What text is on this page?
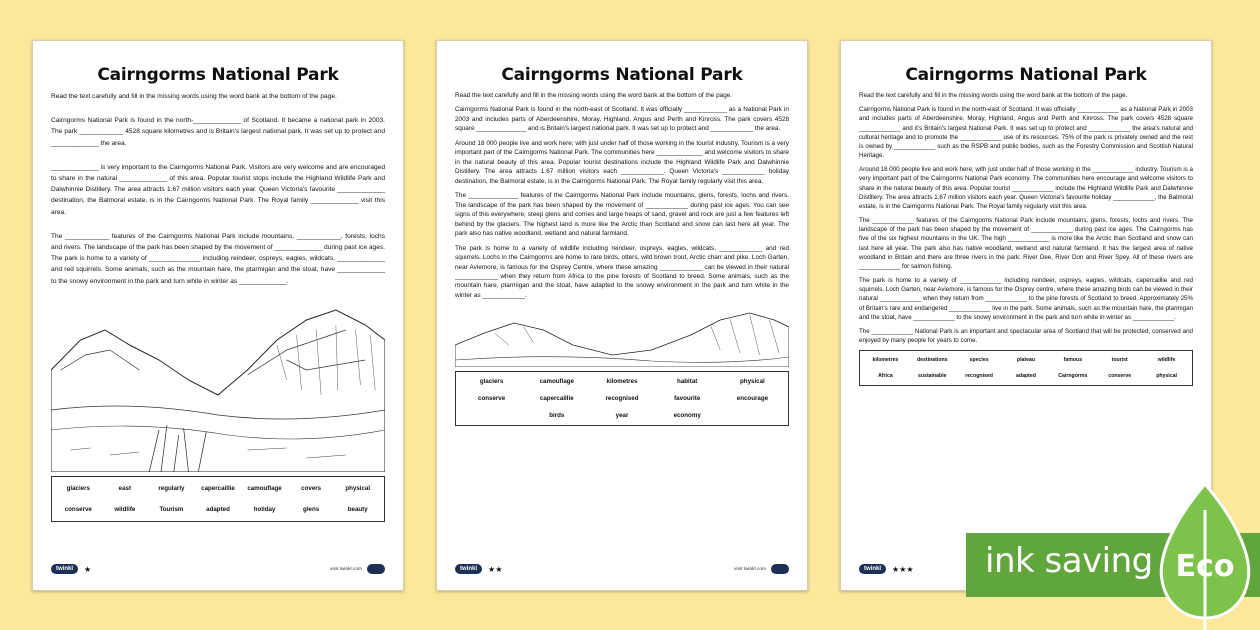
Cairngorms National Park

Read the text carefully and fill in the missing words using the word bank at the bottom of the page.

Cairngorms National Park is found in the north-_____________ of Scotland. It became a national park in 2003. The park ____________ 4528 square kilometres and is Britain's largest national park. It was set up to protect and _____________ the area.

_____________ is very important to the Cairngorms National Park. Visitors are very welcome and are encouraged to share in the natural _____________ of this area. Popular tourist stops include the Highland Wildlife Park and Dalwhinnie Distillery. The area attracts 1.67 million visitors each year. Queen Victoria's favourite _____________ destination, the Balmoral estate, is in the Cairngorms National Park. The Royal family _____________ visit this area.

The ____________ features of the Cairngorms National Park include mountains, ____________, forests, lochs and rivers. The landscape of the park has been shaped by the movement of _____________ during past ice ages. The park is home to a variety of ______________ including reindeer, ospreys, eagles, wildcats, _____________ and red squirrels. Some animals, such as the mountain hare, the ptarmigan and the stoat, have _____________ to the snowy environment in the park and turn white in winter as _____________.

glaciers	east	regularly	capercaillie	camouflage	covers	physical
conserve	wildlife	Tourism	adapted	holiday	glens	beauty
twinkl	★	visit twinkl.com
Cairngorms National Park

Read the text carefully and fill in the missing words using the word bank at the bottom of the page.

Cairngorms National Park is found in the north-east of Scotland. It was officially ____________ as a National Park in 2003 and includes parts of Aberdeenshire, Moray, Highland, Angus and Perth and Kinross. The park covers 4528 square ______________ and is Britain's largest national park. It was set up to protect and ____________ the area.

Around 18 000 people live and work here; with just under half of those working in the tourist industry. Tourism is a very important part of the Cairngorms National Park. The communities here _____________ and welcome visitors to share in the natural beauty of this area. Popular tourist destinations include the Highland Wildlife Park and Dalwhinnie Distillery. The area attracts 1.67 million visitors each ____________. Queen Victoria's ____________ holiday destination, the Balmoral estate, is in the Cairngorms National Park. The Royal family regularly visit this area.

The ______________ features of the Cairngorms National Park include mountains, glens, forests, lochs and rivers. The landscape of the park has been shaped by the movement of ____________ during past ice ages. You can see signs of this everywhere; steep glens and corries and large heaps of sand, gravel and rock are just a few features left behind by the glaciers. The highest land is more like the Arctic than Scotland and snow can last here all year. The park also has native woodland, wetland and natural farmland.

The park is home to a variety of wildlife including reindeer, ospreys, eagles, wildcats, ____________ and red squirrels. Lochs in the Cairngorms are home to rare birds, otters, wild brown trout, Arctic charr and pike. Loch Garten, near Aviemore, is famous for the Osprey Centre, where these amazing ____________ can be viewed in their natural ____________ when they return from Africa to the pine forests of Scotland to breed. Some animals, such as the mountain hare, ptarmigan and the stoat, have adapted to the snowy environment in the park and turn white in the winter as ____________.

glaciers	camouflage	kilometres	habitat	physical
conserve	capercaillie	recognised	favourite	encourage
birds	year	economy
twinkl	★★	visit twinkl.com
Cairngorms National Park

Read the text carefully and fill in the missing words using the word bank at the bottom of the page.

Cairngorms National Park is found in the north-east of Scotland. It was officially ____________ as a National Park in 2003 and includes parts of Aberdeenshire, Moray, Highland, Angus and Perth and Kinross. The park covers 4528 square ____________ and it's Britain's largest National Park. It was set up to protect and ____________ the area's natural and cultural heritage and to promote the ____________ use of its resources. 75% of the park is privately owned and the rest is owned by ____________ such as the RSPB and public bodies, such as the Forestry Commission and Scottish Natural Heritage.

Around 18 000 people live and work here; with just under half of those working in the ____________ industry. Tourism is a very important part of the Cairngorms National Park economy. The communities here encourage and welcome visitors to share in the natural beauty of this area. Popular tourist ____________ include the Highland Wildlife Park and Dalwhinnie Distillery. The area attracts 1.67 million visitors each year. Queen Victoria's favourite holiday ____________, the Balmoral estate, is in the Cairngorms National Park. The Royal family regularly visit this area.

The ____________ features of the Cairngorms National Park include mountains, glens, forests, lochs and rivers. The landscape of the park has been shaped by the movement of ____________ during past ice ages. The Cairngorms has five of the six highest mountains in the UK. The high ____________ is more like the Arctic than Scotland and snow can last here all year. The park also has native woodland, wetland and natural farmland. It has the largest area of native woodland in Britain and there are three rivers in the park: River Dee, River Don and River Spey. All of these rivers are ____________ for salmon fishing.

The park is home to a variety of ____________ including reindeer, ospreys, eagles, wildcats, capercaillie and red squirrels. Loch Garten, near Aviemore, is famous for the Osprey centre, where these amazing birds can be viewed in their natural ____________ when they return from ____________ to the pine forests of Scotland to breed. Approximately 25% of Britain's rare and endangered ____________ live in the park. Some animals, such as the mountain hare, the ptarmigan and the stoat, have ____________ to the snowy environment in the park and turn white in winter as ____________.

The ____________ National Park is an important and spectacular area of Scotland that will be protected, conserved and enjoyed by many people for years to come.

kilometres	destinations	species	plateau	famous	tourist	wildlife
Africa	sustainable	recognised	adapted	Cairngorms	conserve	physical
twinkl	★★★ ink saving Eco
